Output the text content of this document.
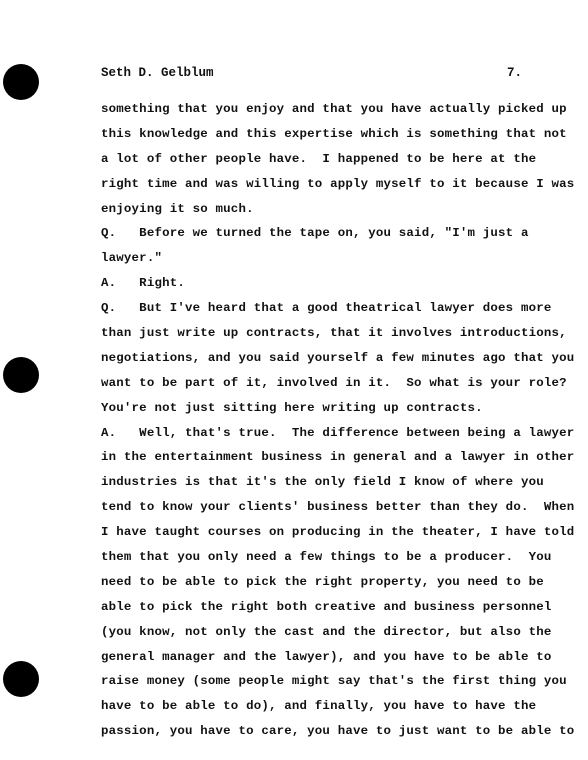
Seth D. Gelblum	7.
something that you enjoy and that you have actually picked up
this knowledge and this expertise which is something that not
a lot of other people have.  I happened to be here at the
right time and was willing to apply myself to it because I was
enjoying it so much.
Q.   Before we turned the tape on, you said, "I'm just a
lawyer."
A.   Right.
Q.   But I've heard that a good theatrical lawyer does more
than just write up contracts, that it involves introductions,
negotiations, and you said yourself a few minutes ago that you
want to be part of it, involved in it.  So what is your role?
You're not just sitting here writing up contracts.
A.   Well, that's true.  The difference between being a lawyer
in the entertainment business in general and a lawyer in other
industries is that it's the only field I know of where you
tend to know your clients' business better than they do.  When
I have taught courses on producing in the theater, I have told
them that you only need a few things to be a producer.  You
need to be able to pick the right property, you need to be
able to pick the right both creative and business personnel
(you know, not only the cast and the director, but also the
general manager and the lawyer), and you have to be able to
raise money (some people might say that's the first thing you
have to be able to do), and finally, you have to have the
passion, you have to care, you have to just want to be able to
